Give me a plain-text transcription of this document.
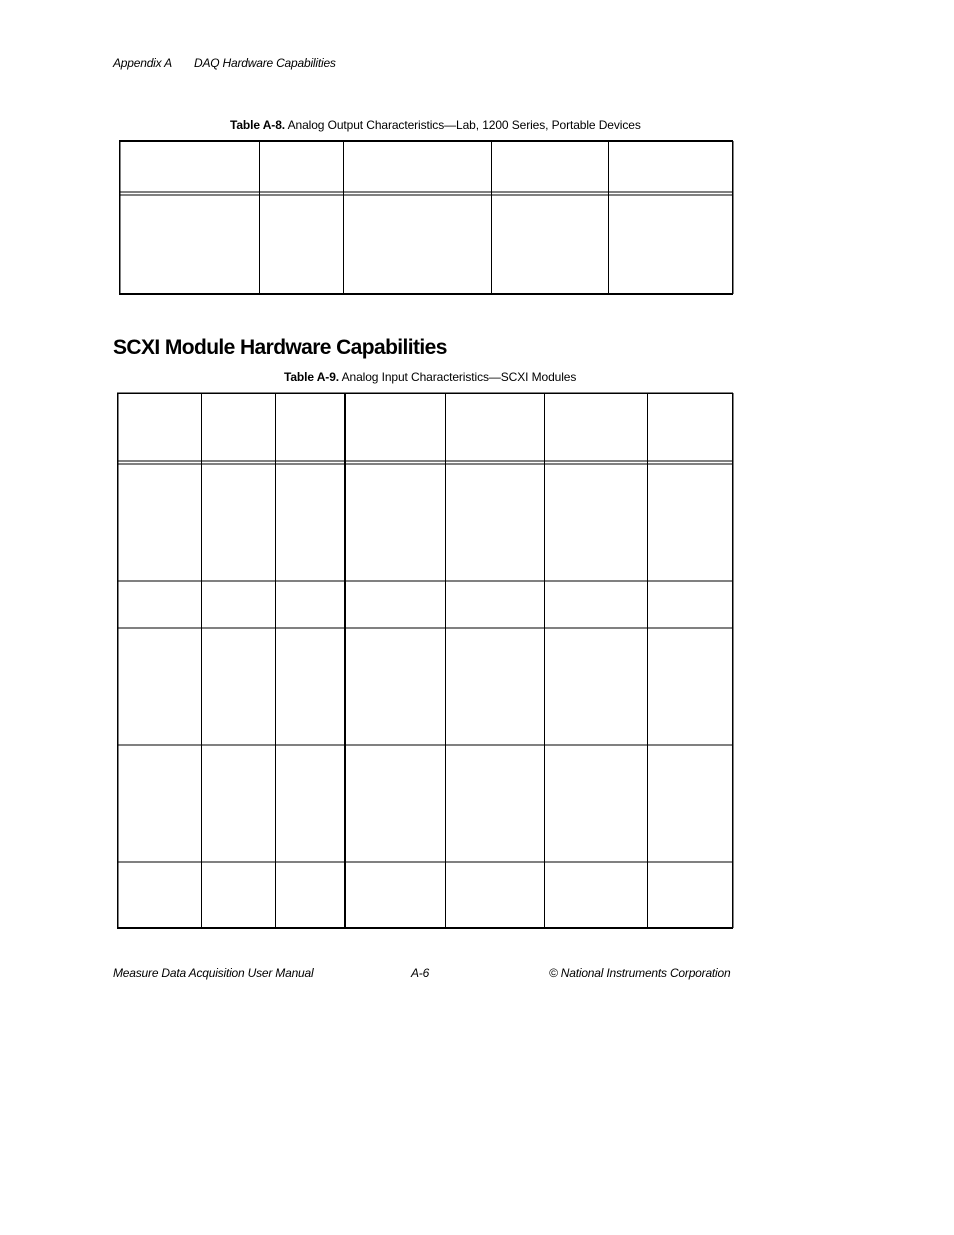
Appendix A DAQ Hardware Capabilities
Table A-8. Analog Output Characteristics—Lab, 1200 Series, Portable Devices
SCXI Module Hardware Capabilities
Table A-9. Analog Input Characteristics—SCXI Modules
Measure Data Acquisition User Manual	A-6	© National Instruments Corporation
